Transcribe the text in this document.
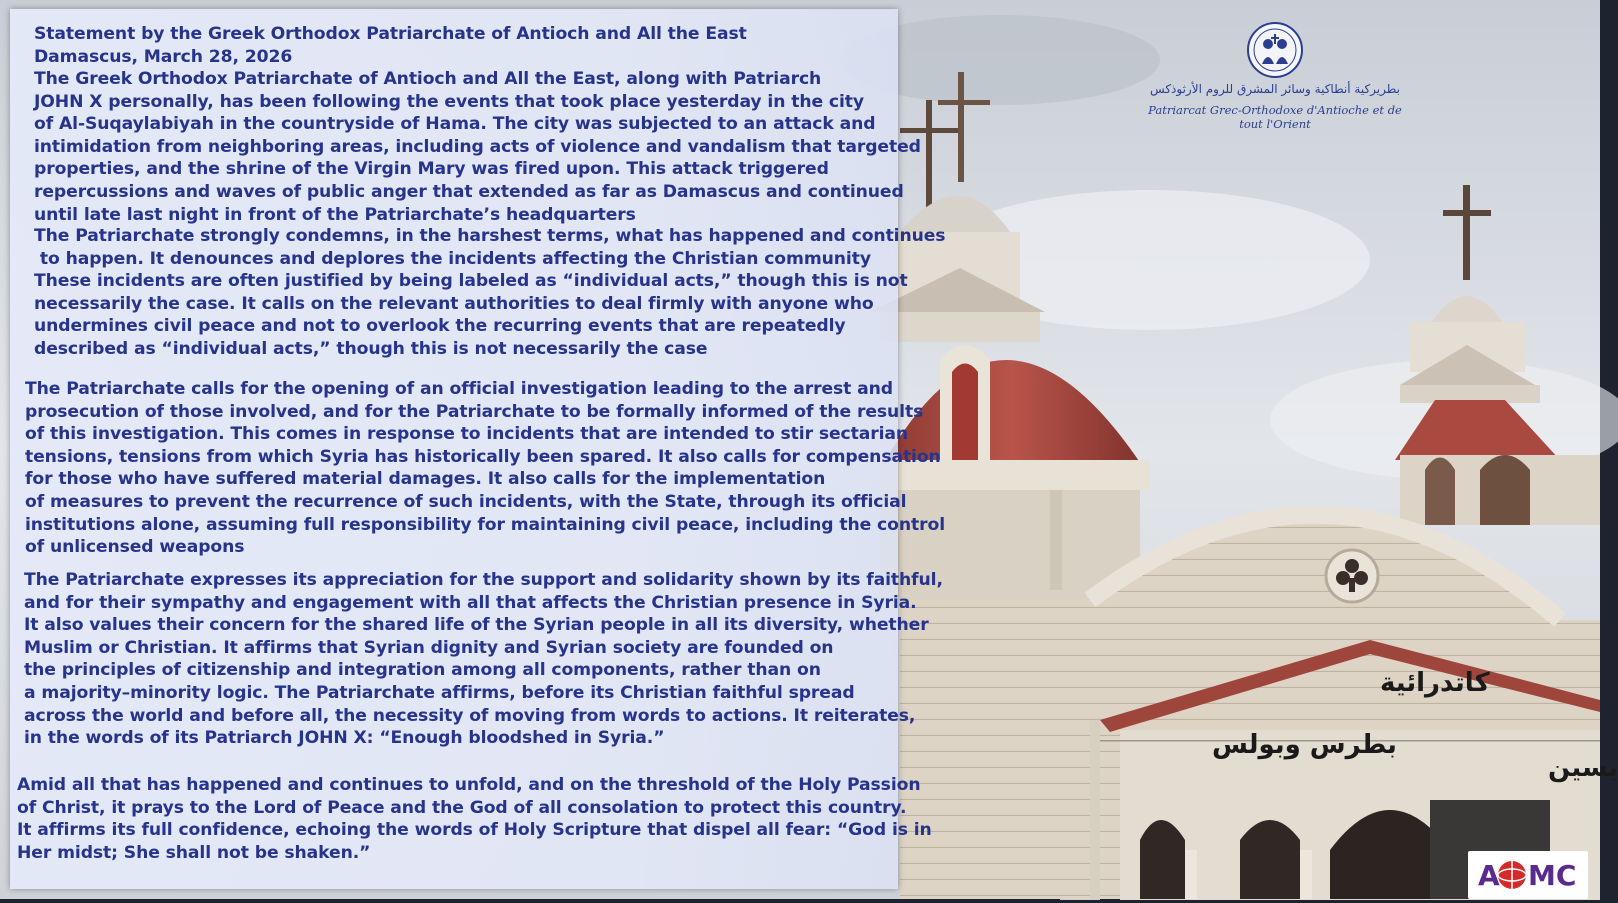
Statement by the Greek Orthodox Patriarchate of Antioch and All the East
Damascus, March 28, 2026
The Greek Orthodox Patriarchate of Antioch and All the East, along with Patriarch
JOHN X personally, has been following the events that took place yesterday in the city
of Al-Suqaylabiyah in the countryside of Hama. The city was subjected to an attack and
intimidation from neighboring areas, including acts of violence and vandalism that targeted
properties, and the shrine of the Virgin Mary was fired upon. This attack triggered
repercussions and waves of public anger that extended as far as Damascus and continued
until late last night in front of the Patriarchate’s headquarters
The Patriarchate strongly condemns, in the harshest terms, what has happened and continues
to happen. It denounces and deplores the incidents affecting the Christian community
These incidents are often justified by being labeled as “individual acts,” though this is not
necessarily the case. It calls on the relevant authorities to deal firmly with anyone who
undermines civil peace and not to overlook the recurring events that are repeatedly
described as “individual acts,” though this is not necessarily the case
The Patriarchate calls for the opening of an official investigation leading to the arrest and
prosecution of those involved, and for the Patriarchate to be formally informed of the results
of this investigation. This comes in response to incidents that are intended to stir sectarian
tensions, tensions from which Syria has historically been spared. It also calls for compensation
for those who have suffered material damages. It also calls for the implementation
of measures to prevent the recurrence of such incidents, with the State, through its official
institutions alone, assuming full responsibility for maintaining civil peace, including the control
of unlicensed weapons
The Patriarchate expresses its appreciation for the support and solidarity shown by its faithful,
and for their sympathy and engagement with all that affects the Christian presence in Syria.
It also values their concern for the shared life of the Syrian people in all its diversity, whether
Muslim or Christian. It affirms that Syrian dignity and Syrian society are founded on
the principles of citizenship and integration among all components, rather than on
a majority–minority logic. The Patriarchate affirms, before its Christian faithful spread
across the world and before all, the necessity of moving from words to actions. It reiterates,
in the words of its Patriarch JOHN X: “Enough bloodshed in Syria.”
Amid all that has happened and continues to unfold, and on the threshold of the Holy Passion
of Christ, it prays to the Lord of Peace and the God of all consolation to protect this country.
It affirms its full confidence, echoing the words of Holy Scripture that dispel all fear: “God is in
Her midst; She shall not be shaken.”
بطريركية أنطاكية وسائر المشرق للروم الأرثوذكس
Patriarcat Grec-Orthodoxe d'Antioche et de tout l'Orient
كاتدرائية
بطرس وبولس
يسين
A MC
